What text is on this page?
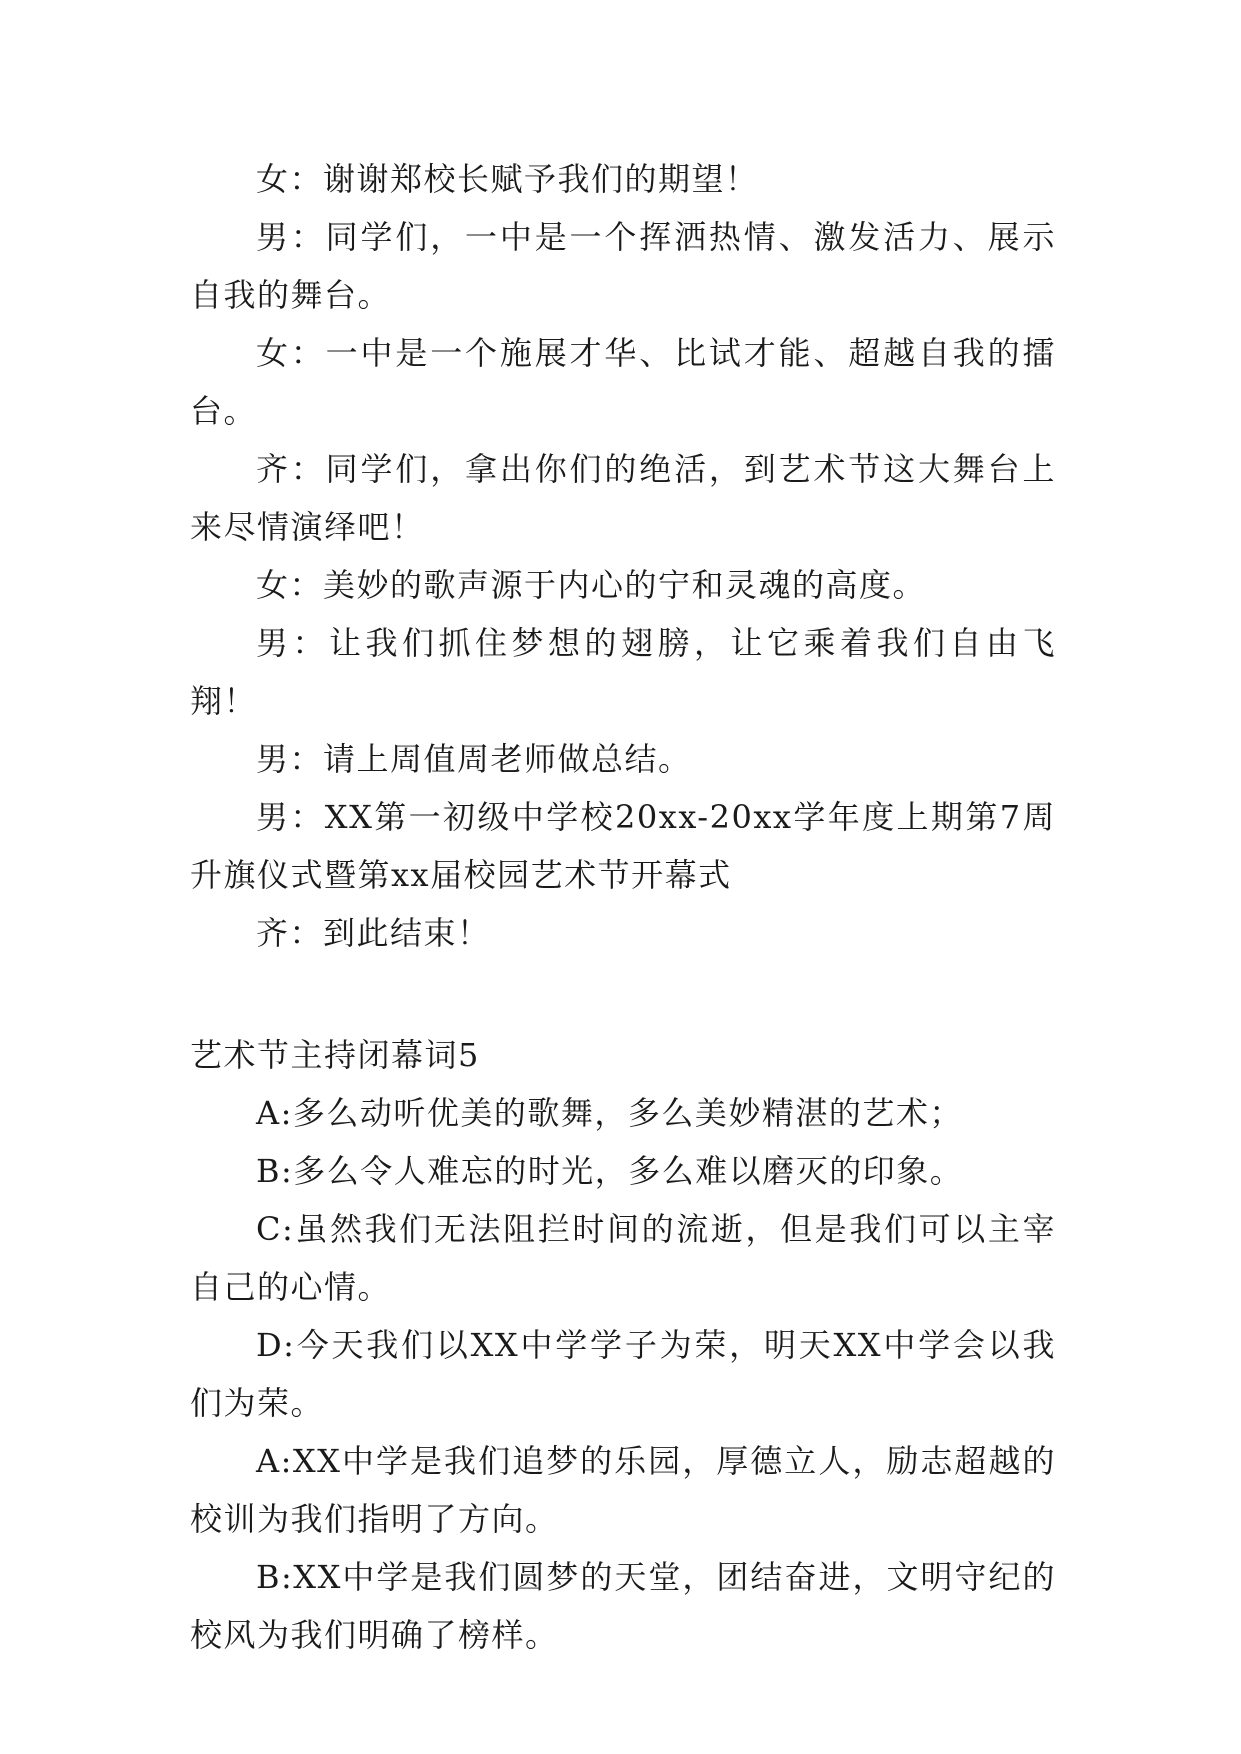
女：谢谢郑校长赋予我们的期望！

男：同学们，一中是一个挥洒热情、激发活力、展示自我的舞台。

女：一中是一个施展才华、比试才能、超越自我的擂台。

齐：同学们，拿出你们的绝活，到艺术节这大舞台上来尽情演绎吧！

女：美妙的歌声源于内心的宁和灵魂的高度。

男：让我们抓住梦想的翅膀，让它乘着我们自由飞翔！

男：请上周值周老师做总结。

男：XX第一初级中学校20xx-20xx学年度上期第7周升旗仪式暨第xx届校园艺术节开幕式

齐：到此结束！

艺术节主持闭幕词5

A:多么动听优美的歌舞，多么美妙精湛的艺术；

B:多么令人难忘的时光，多么难以磨灭的印象。

C:虽然我们无法阻拦时间的流逝，但是我们可以主宰自己的心情。

D:今天我们以XX中学学子为荣，明天XX中学会以我们为荣。

A:XX中学是我们追梦的乐园，厚德立人，励志超越的校训为我们指明了方向。

B:XX中学是我们圆梦的天堂，团结奋进，文明守纪的校风为我们明确了榜样。
